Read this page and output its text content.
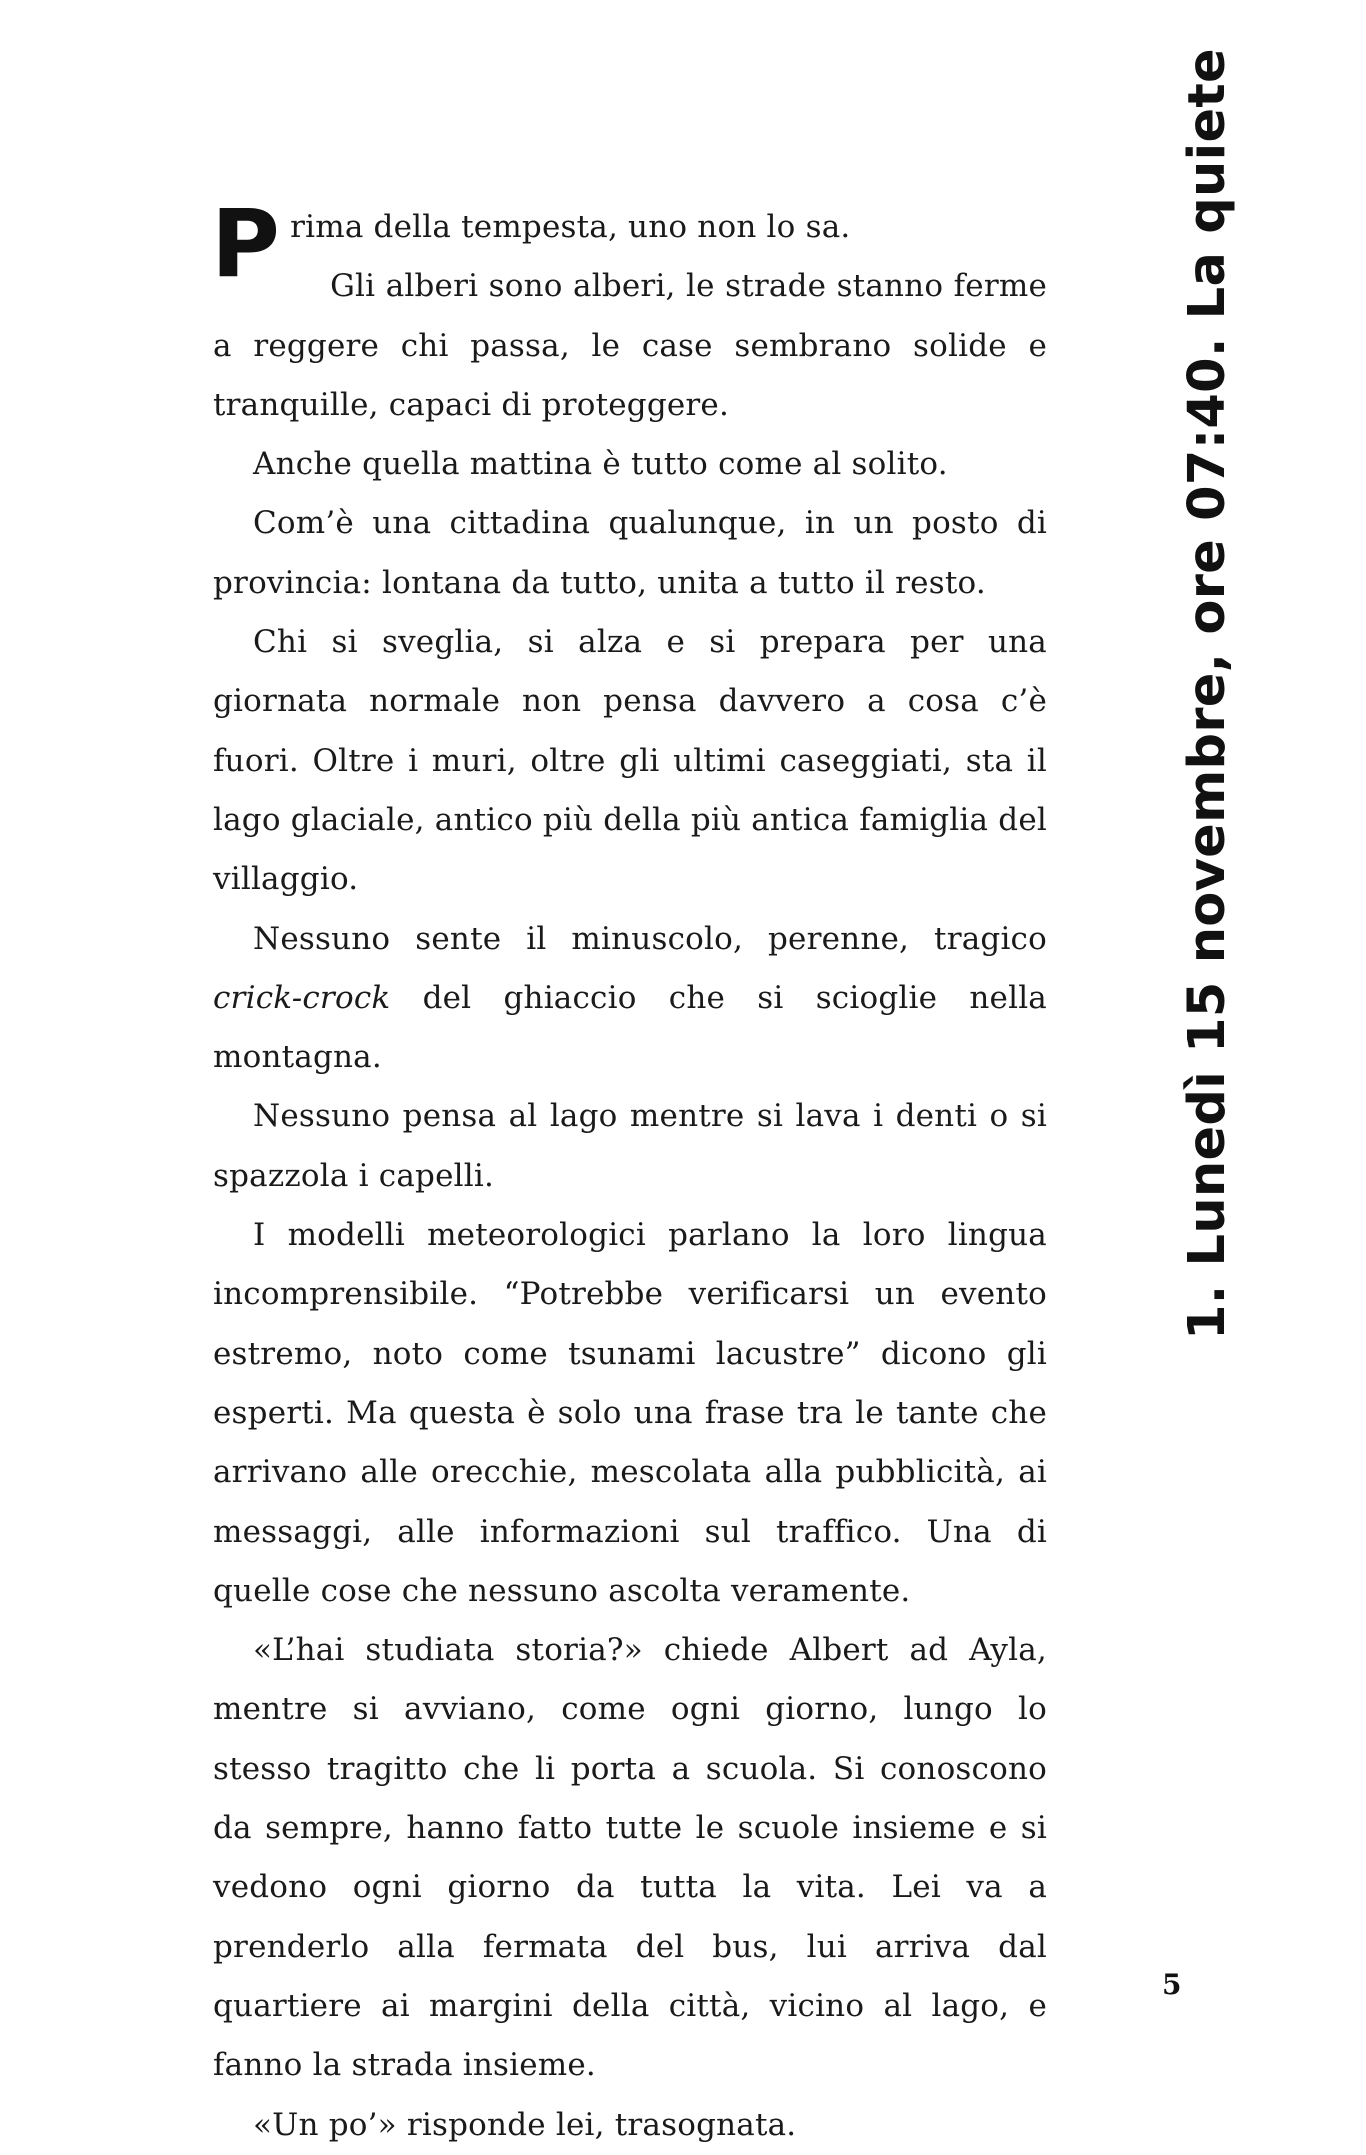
Prima della tempesta, uno non lo sa.

Gli alberi sono alberi, le strade stanno ferme a reggere chi passa, le case sembrano solide e tranquille, capaci di proteggere.

Anche quella mattina è tutto come al solito.

Com’è una cittadina qualunque, in un posto di provincia: lontana da tutto, unita a tutto il resto.

Chi si sveglia, si alza e si prepara per una giornata normale non pensa davvero a cosa c’è fuori. Oltre i muri, oltre gli ultimi caseggiati, sta il lago glaciale, antico più della più antica famiglia del villaggio.

Nessuno sente il minuscolo, perenne, tragico crick-crock del ghiaccio che si scioglie nella montagna.

Nessuno pensa al lago mentre si lava i denti o si spazzola i capelli.

I modelli meteorologici parlano la loro lingua incomprensibile. “Potrebbe verificarsi un evento estremo, noto come tsunami lacustre” dicono gli esperti. Ma questa è solo una frase tra le tante che arrivano alle orecchie, mescolata alla pubblicità, ai messaggi, alle informazioni sul traffico. Una di quelle cose che nessuno ascolta veramente.

«L’hai studiata storia?» chiede Albert ad Ayla, mentre si avviano, come ogni giorno, lungo lo stesso tragitto che li porta a scuola. Si conoscono da sempre, hanno fatto tutte le scuole insieme e si vedono ogni giorno da tutta la vita. Lei va a prenderlo alla fermata del bus, lui arriva dal quartiere ai margini della città, vicino al lago, e fanno la strada insieme.

«Un po’» risponde lei, trasognata.

1. Lunedì 15 novembre, ore 07:40. La quiete
5
